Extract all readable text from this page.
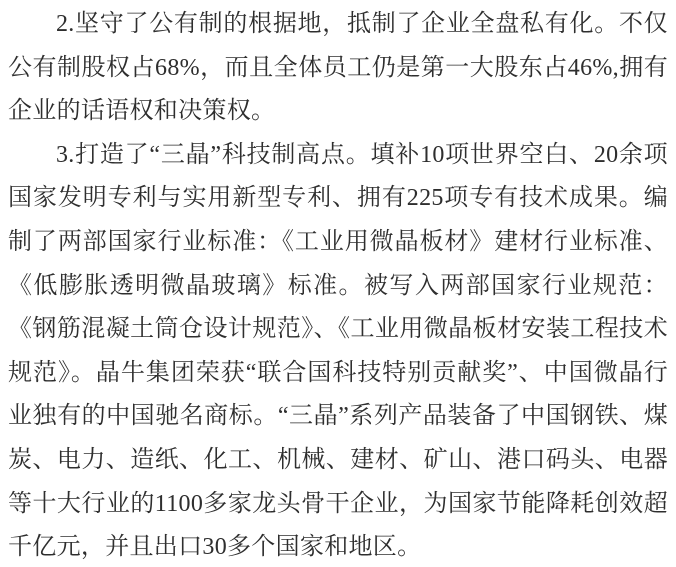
2.坚守了公有制的根据地，抵制了企业全盘私有化。不仅公有制股权占68%，而且全体员工仍是第一大股东占46%,拥有企业的话语权和决策权。

3.打造了“三晶”科技制高点。填补10项世界空白、20余项国家发明专利与实用新型专利、拥有225项专有技术成果。编制了两部国家行业标准：《工业用微晶板材》建材行业标准、《低膨胀透明微晶玻璃》标准。被写入两部国家行业规范：《钢筋混凝土筒仓设计规范》、《工业用微晶板材安装工程技术规范》。晶牛集团荣获“联合国科技特别贡献奖”、中国微晶行业独有的中国驰名商标。“三晶”系列产品装备了中国钢铁、煤炭、电力、造纸、化工、机械、建材、矿山、港口码头、电器等十大行业的1100多家龙头骨干企业，为国家节能降耗创效超千亿元，并且出口30多个国家和地区。
